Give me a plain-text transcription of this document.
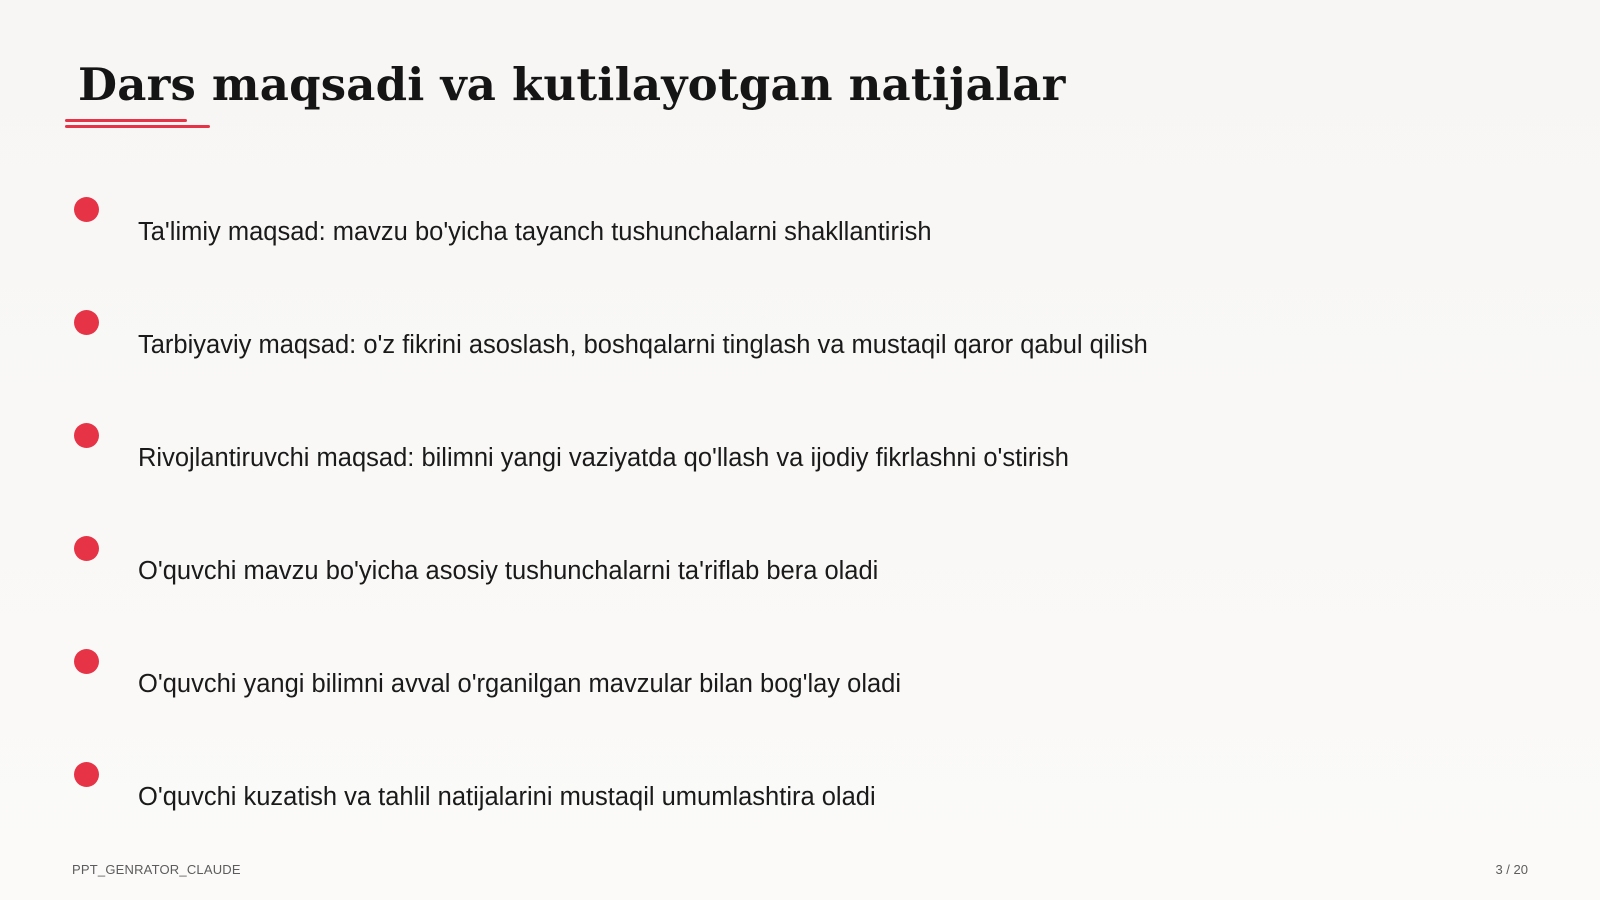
Dars maqsadi va kutilayotgan natijalar
Ta'limiy maqsad: mavzu bo'yicha tayanch tushunchalarni shakllantirish
Tarbiyaviy maqsad: o'z fikrini asoslash, boshqalarni tinglash va mustaqil qaror qabul qilish
Rivojlantiruvchi maqsad: bilimni yangi vaziyatda qo'llash va ijodiy fikrlashni o'stirish
O'quvchi mavzu bo'yicha asosiy tushunchalarni ta'riflab bera oladi
O'quvchi yangi bilimni avval o'rganilgan mavzular bilan bog'lay oladi
O'quvchi kuzatish va tahlil natijalarini mustaqil umumlashtira oladi
PPT_GENRATOR_CLAUDE	3 / 20
